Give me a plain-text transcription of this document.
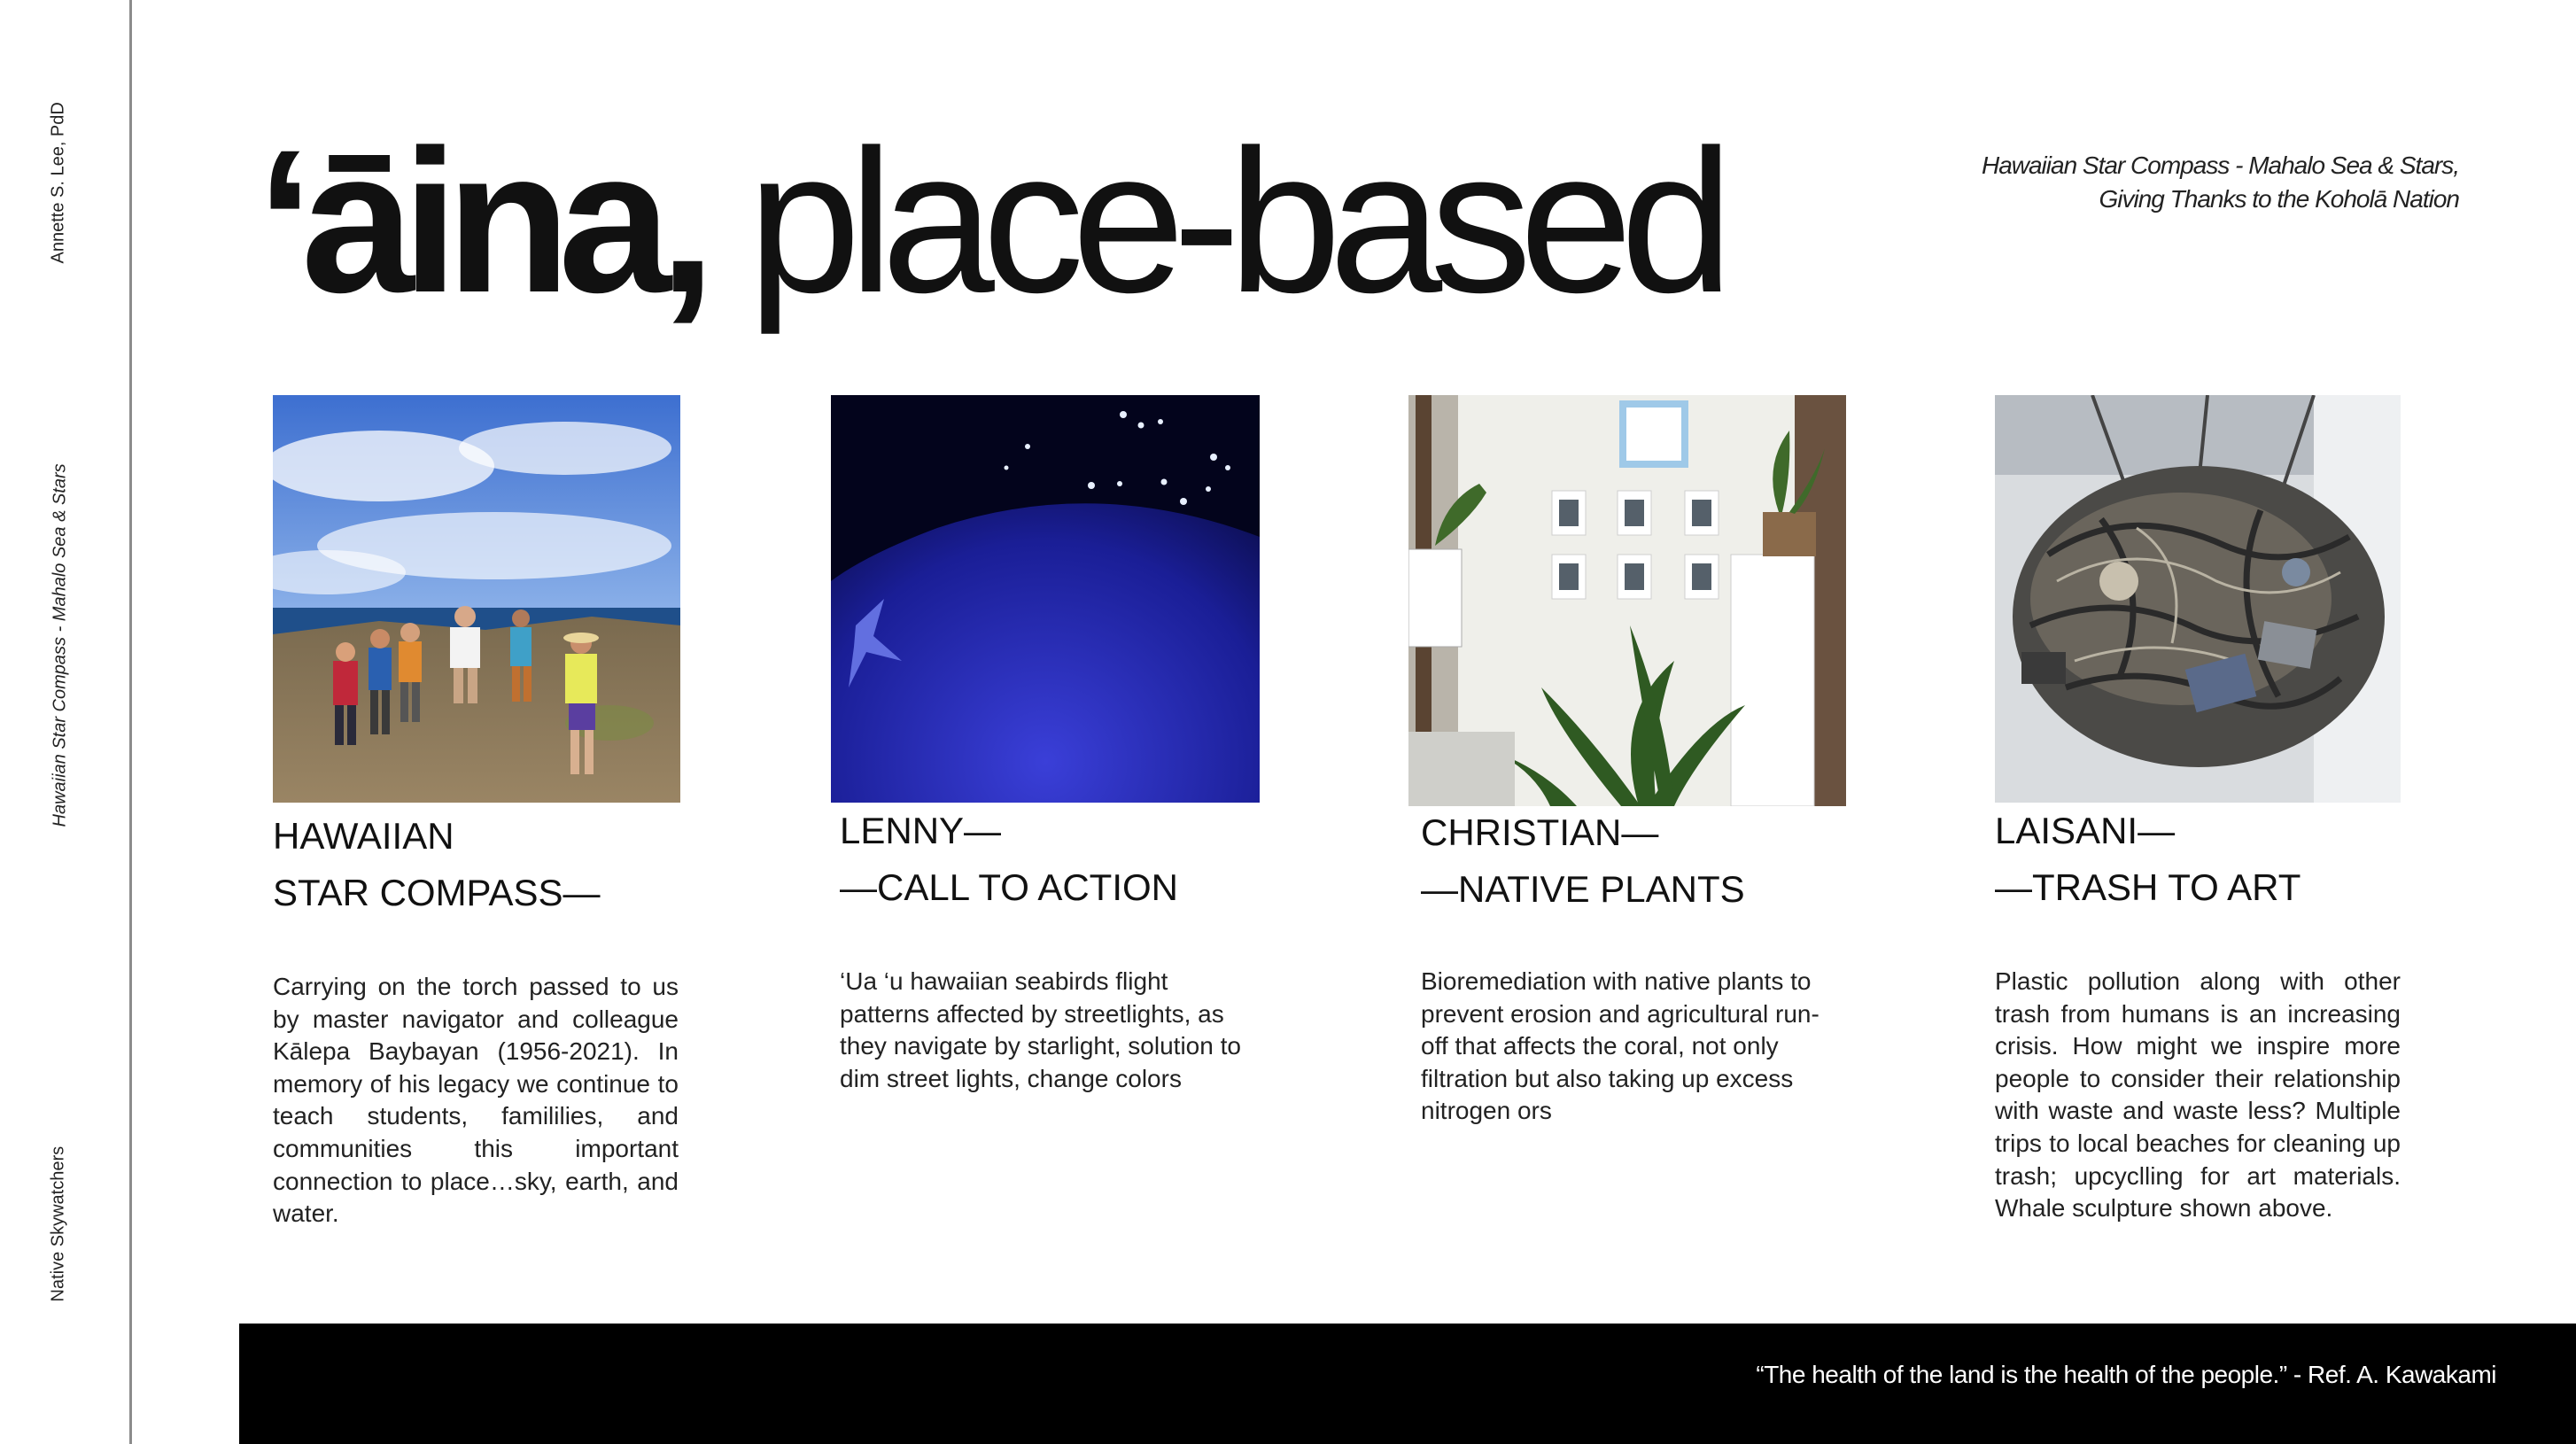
Annette S. Lee, PdD
Hawaiian Star Compass - Mahalo Sea & Stars
Native Skywatchers
‘āina, place-based	Hawaiian Star Compass - Mahalo Sea & Stars,
Giving Thanks to the Koholā Nation
HAWAIIAN
STAR COMPASS—
Carrying on the torch passed to us by master navigator and colleague Kālepa Baybayan (1956-2021). In memory of his legacy we continue to teach students, famililies, and communities this important connection to place…sky, earth, and water.
LENNY—
—CALL TO ACTION
‘Ua ‘u hawaiian seabirds flight patterns affected by streetlights, as they navigate by starlight, solution to dim street lights, change colors
CHRISTIAN—
—NATIVE PLANTS
Bioremediation with native plants to prevent erosion and agricultural run-off that affects the coral, not only filtration but also taking up excess nitrogen ors
LAISANI—
—TRASH TO ART
Plastic pollution along with other trash from humans is an increasing crisis. How might we inspire more people to consider their relationship with waste and waste less? Multiple trips to local beaches for cleaning up trash; upcyclling for art materials. Whale sculpture shown above.
“The health of the land is the health of the people.” - Ref. A. Kawakami
